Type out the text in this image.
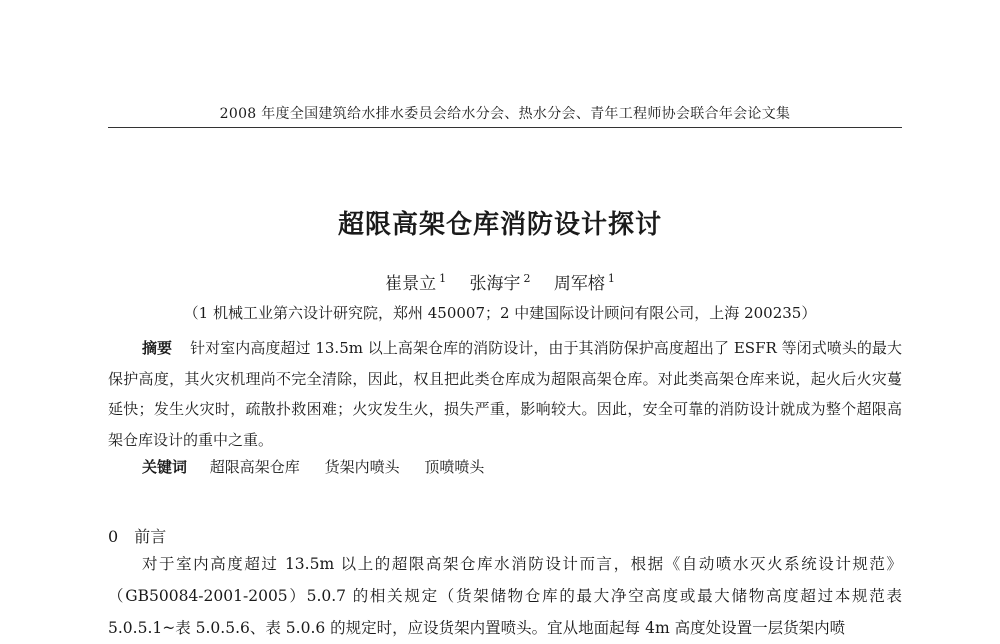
2008 年度全国建筑给水排水委员会给水分会、热水分会、青年工程师协会联合年会论文集
超限高架仓库消防设计探讨
崔景立 $^1$ 张海宇 $^2$ 周军榕 $^1$
（1 机械工业第六设计研究院，郑州 450007；2 中建国际设计顾问有限公司，上海 200235）
摘要 针对室内高度超过 13.5m 以上高架仓库的消防设计，由于其消防保护高度超出了 ESFR 等闭式喷头的最大保护高度，其火灾机理尚不完全清除，因此，权且把此类仓库成为超限高架仓库。对此类高架仓库来说，起火后火灾蔓延快；发生火灾时，疏散扑救困难；火灾发生火，损失严重，影响较大。因此，安全可靠的消防设计就成为整个超限高架仓库设计的重中之重。
关键词 超限高架仓库 货架内喷头 顶喷喷头
0 前言
对于室内高度超过 13.5m 以上的超限高架仓库水消防设计而言，根据《自动喷水灭火系统设计规范》（GB50084-2001-2005）5.0.7 的相关规定（货架储物仓库的最大净空高度或最大储物高度超过本规范表 5.0.5.1~表 5.0.5.6、表 5.0.6 的规定时，应设货架内置喷头。宜从地面起每 4m 高度处设置一层货架内喷
